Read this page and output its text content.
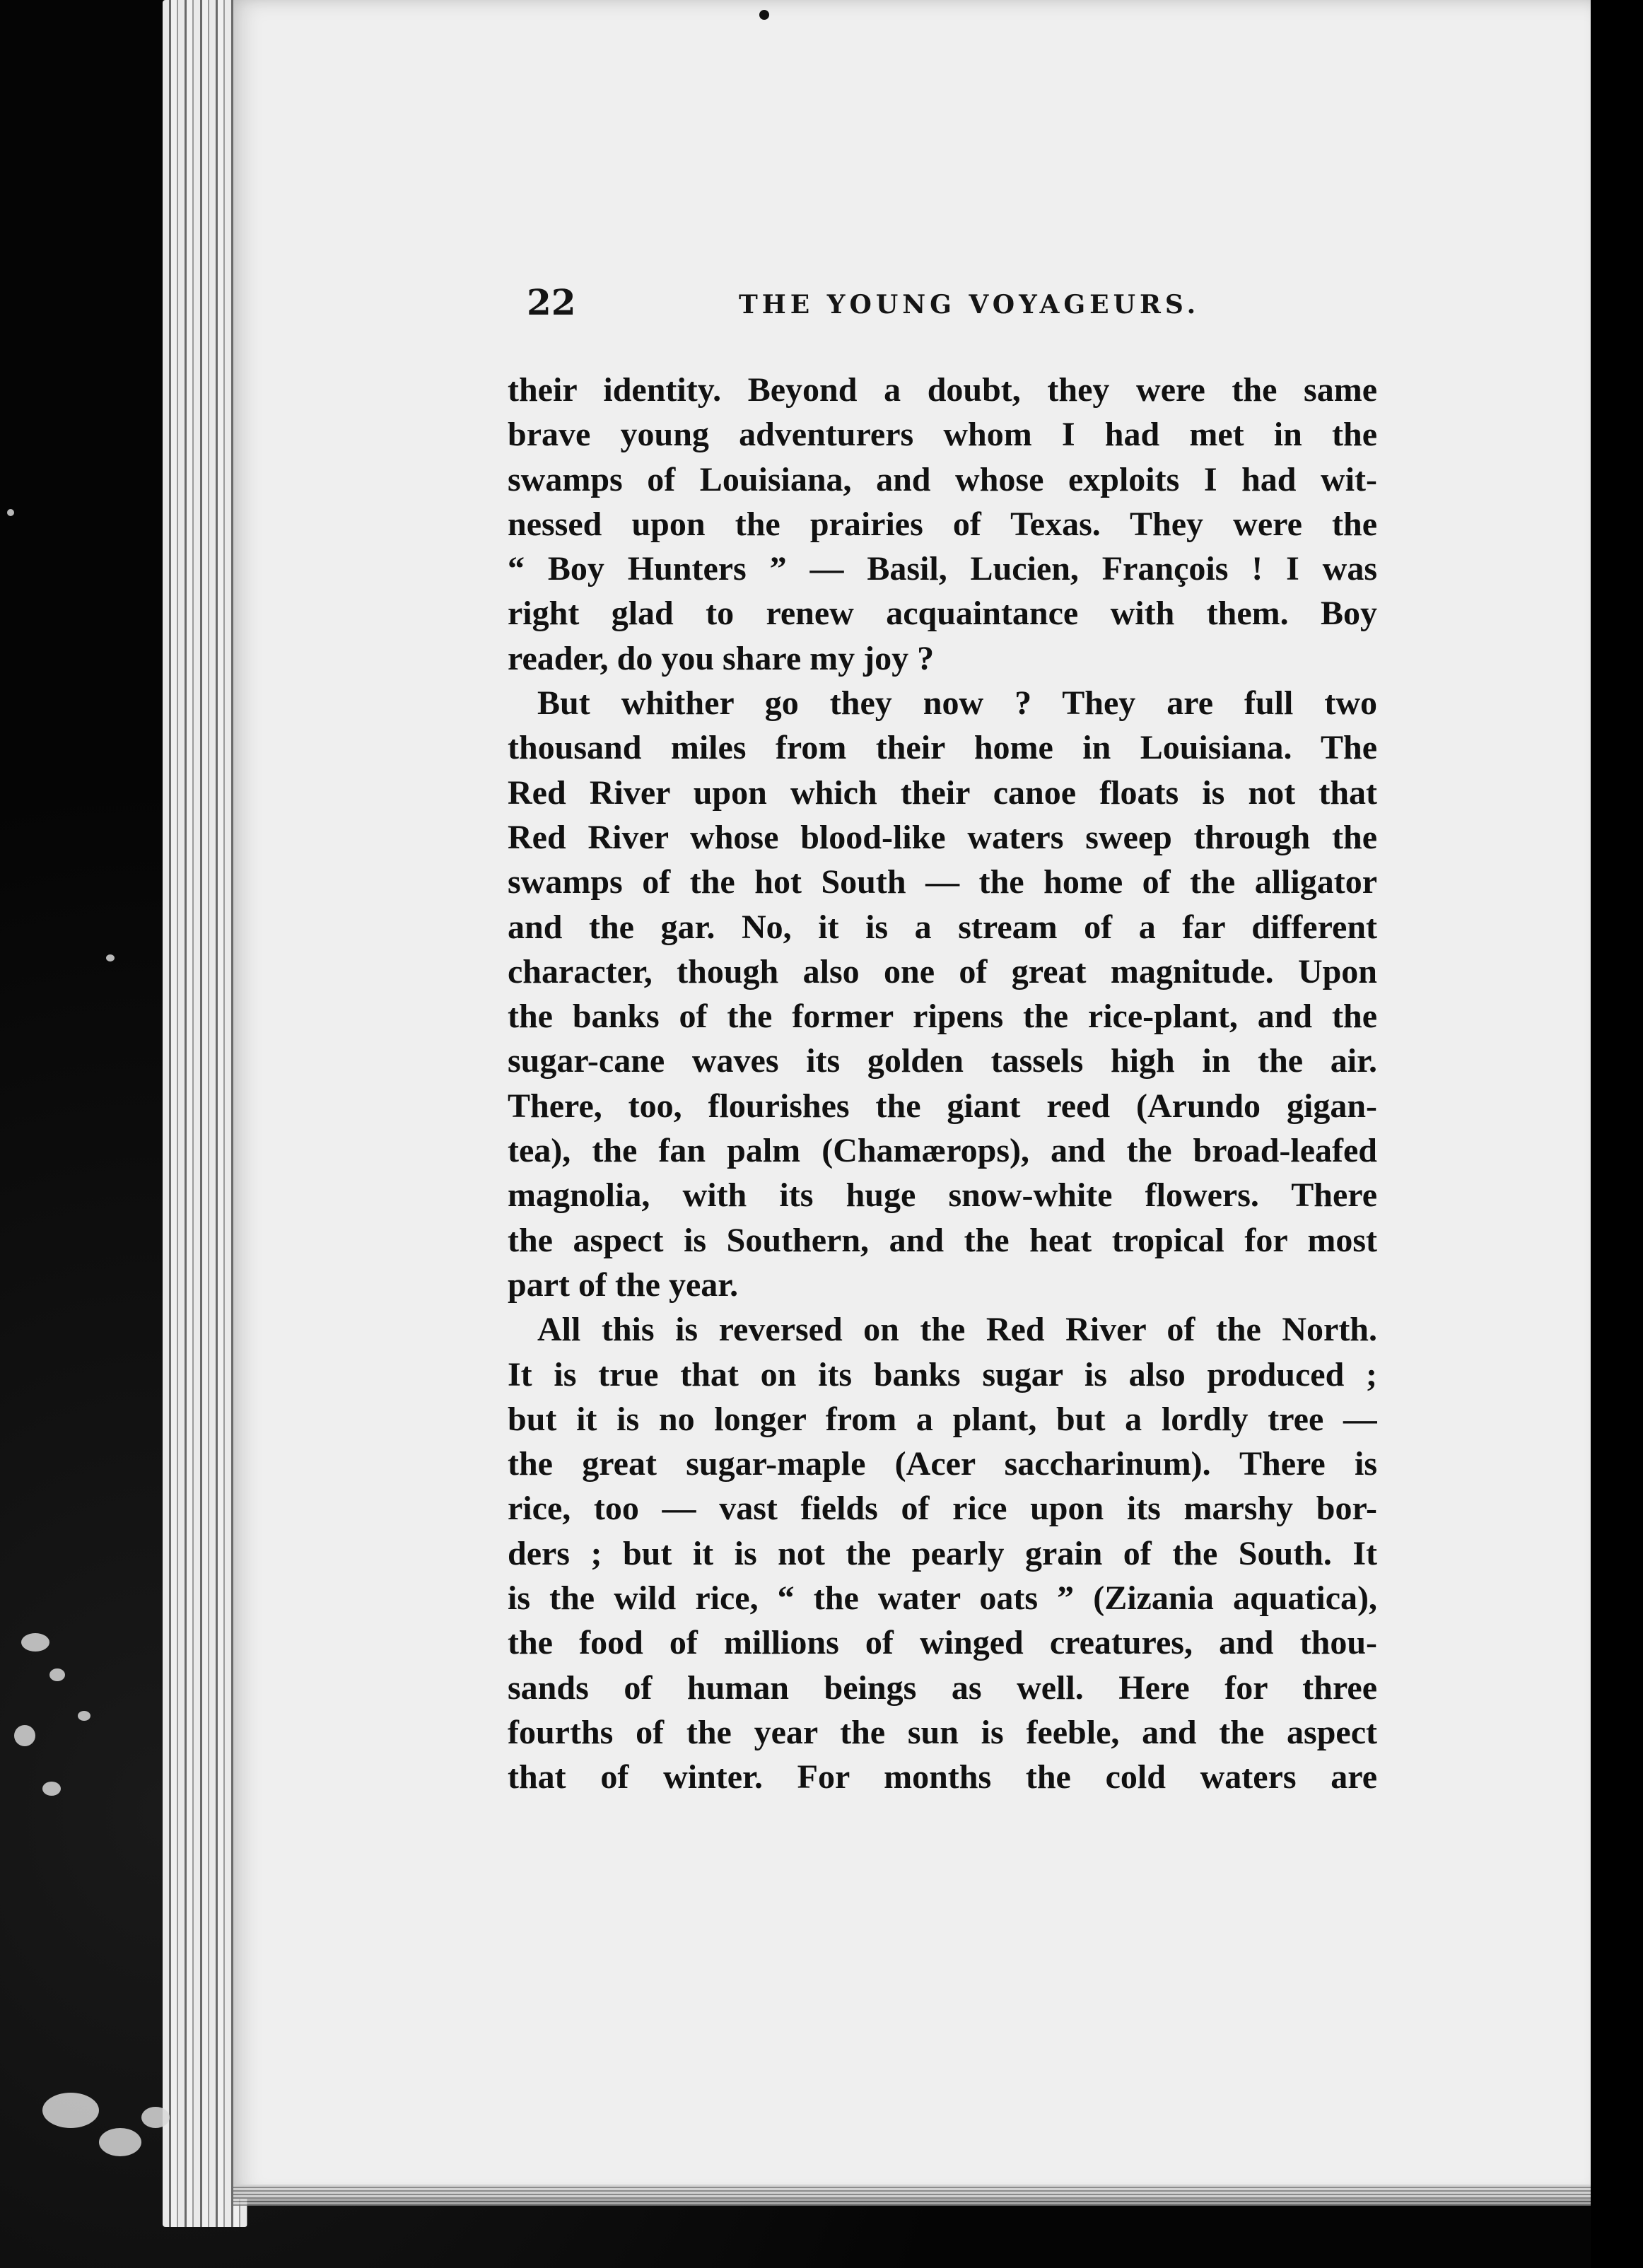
22	THE YOUNG VOYAGEURS.
their identity. Beyond a doubt, they were the same
brave young adventurers whom I had met in the
swamps of Louisiana, and whose exploits I had wit-
nessed upon the prairies of Texas. They were the
“ Boy Hunters ” — Basil, Lucien, François ! I was
right glad to renew acquaintance with them. Boy
reader, do you share my joy ?
But whither go they now ? They are full two
thousand miles from their home in Louisiana. The
Red River upon which their canoe floats is not that
Red River whose blood-like waters sweep through the
swamps of the hot South — the home of the alligator
and the gar. No, it is a stream of a far different
character, though also one of great magnitude. Upon
the banks of the former ripens the rice-plant, and the
sugar-cane waves its golden tassels high in the air.
There, too, flourishes the giant reed (Arundo gigan-
tea), the fan palm (Chamærops), and the broad-leafed
magnolia, with its huge snow-white flowers. There
the aspect is Southern, and the heat tropical for most
part of the year.
All this is reversed on the Red River of the North.
It is true that on its banks sugar is also produced ;
but it is no longer from a plant, but a lordly tree —
the great sugar-maple (Acer saccharinum). There is
rice, too — vast fields of rice upon its marshy bor-
ders ; but it is not the pearly grain of the South. It
is the wild rice, “ the water oats ” (Zizania aquatica),
the food of millions of winged creatures, and thou-
sands of human beings as well. Here for three
fourths of the year the sun is feeble, and the aspect
that of winter. For months the cold waters are
